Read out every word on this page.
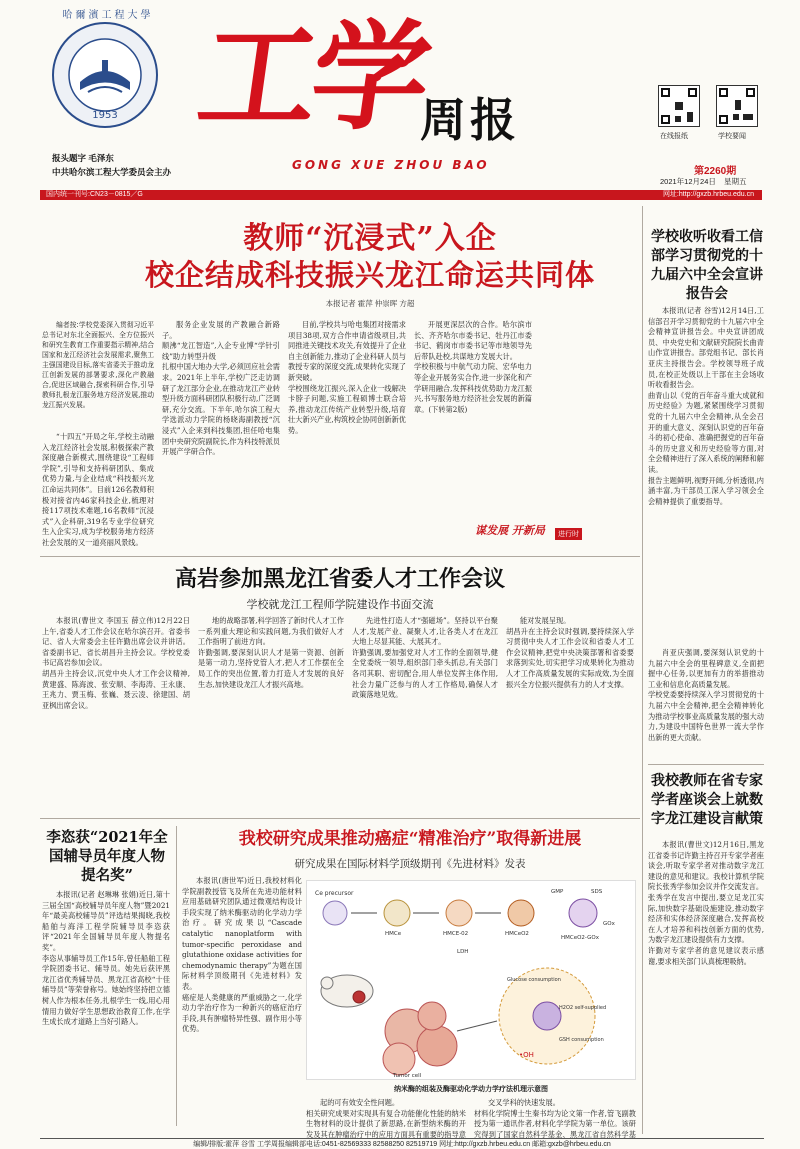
1953
哈爾濱工程大學 工学
周报
GONG XUE ZHOU BAO
报头题字 毛泽东
中共哈尔滨工程大学委员会主办
在线报纸	学校要闻
第2260期
2021年12月24日 星期五
国内统一刊号:CN23－0815／G	网址:http://gxzb.hrbeu.edu.cn
教师“沉浸式”入企
校企结成科技振兴龙江命运共同体
本报记者 霍萍 仲崇晖 方超
编者按:学校党委深入贯彻习近平总书记对东北全面振兴、全方位振兴和研究生教育工作重要指示精神,结合国家和龙江经济社会发展需求,聚焦工主强国建设目标,落实省委关于推动龙江创新发展的部署要求,深化产教融合,促进区域融合,探索科研合作,引导教师扎根龙江服务地方经济发展,推动龙江振兴发展。
“十四五”开局之年,学校主动融入龙江经济社会发展,积极探索产教深度融合新模式,围绕建设“工程师学院”,引导和支持科研团队、集成优势力量,与企业结成“科技振兴龙江命运共同体”。目前126名教师积极对接省内46家科技企业,梳理对接117项技术难题,16名教师“沉浸式”入企科研,319名专业学位研究生入企实习,成为学校服务地方经济社会发展的又一道亮丽风景线。
服务企业发展的产教融合新路子。
顺沸“龙江智造”,入企专业博“学针引线”助力转型升级
扎根中国大地办大学,必须回应社会需求。2021年上半年,学校广泛走访调研了龙江部分企业,在推动龙江产业转型升级方面科研团队积极行动,广泛调研,充分交流。下半年,哈尔滨工程大学选派动力学院的杨晓海副教授“沉浸式”入企来到科技集团,担任哈电集团中央研究院副院长,作为科技特派员开展产学研合作。
目前,学校共与哈电集团对接需求项目38项,双方合作申请省级项目,共同推进关键技术攻关,有效提升了企业自主创新能力,推动了企业科研人员与教授专家的深度交流,成果转化实现了新突破。
学校围绕龙江振兴,深入企业一线解决卡脖子问题,实施工程硕博士联合培养,推动龙江传统产业转型升级,培育壮大新兴产业,构筑校企协同创新新优势。
开展更深层次的合作。哈尔滨市长、齐齐哈尔市委书记、牡丹江市委书记、鹤岗市市委书记等市地领导先后带队赴校,共谋地方发展大计。
学校积极与中航气动力院、宏华电力等企业开展务实合作,进一步深化和产学研用融合,发挥科技优势助力龙江振兴,书写服务地方经济社会发展的新篇章。(下转第2版)
谋发展 开新局	进行时
高岩参加黑龙江省委人才工作会议
学校就龙江工程师学院建设作书面交流
本报讯(曹世文 李国玉 薛立伟)12月22日上午,省委人才工作会议在哈尔滨召开。省委书记、省人大常委会主任许勤出席会议并讲话。省委副书记、省长胡昌升主持会议。学校党委书记高岩参加会议。
胡昌升主持会议,沉党中央人才工作会议精神,黄建盛、陈海波、张安顺、李海涛、王永康、王兆力、贾玉梅、张巍、聂云凌、徐建国、胡亚枫出席会议。
地的战略部署,科学回答了新时代人才工作一系列重大理论和实践问题,为我们做好人才工作指明了前进方向。
许勤强调,要深刻认识人才是第一资源、创新是第一动力,坚持党管人才,把人才工作摆在全局工作的突出位置,着力打造人才发展的良好生态,加快建设龙江人才振兴高地。
先进性打造人才“强磁场”。坚持以平台聚人才,发展产业、凝聚人才,让各类人才在龙江大地上尽显其能、大展其才。
许勤强调,要加强党对人才工作的全面领导,健全党委统一领导,组织部门牵头抓总,有关部门各司其职、密切配合,用人单位发挥主体作用,社会力量广泛参与的人才工作格局,确保人才政策落地见效。
能对发展呈现。
胡昌升在主持会议时强调,要持续深入学习贯彻中央人才工作会议和省委人才工作会议精神,把党中央决策部署和省委要求落到实处,切实把学习成果转化为推动人才工作高质量发展的实际成效,为全面振兴全方位振兴提供有力的人才支撑。
李恣获“2021年全国辅导员年度人物提名奖”
本报讯(记者 赵琳琳 张娟)近日,第十三届全国“高校辅导员年度人物”暨2021年“最美高校辅导员”评选结果揭晓,我校船舶与海洋工程学院辅导员李恣获评“2021年全国辅导员年度人物提名奖”。
李恣从事辅导员工作15年,曾任船舶工程学院团委书记、辅导员。她先后获评黑龙江省优秀辅导员、黑龙江省高校“十佳辅导员”等荣誉称号。她始终坚持把立德树人作为根本任务,扎根学生一线,用心用情用力做好学生思想政治教育工作,在学生成长成才道路上当好引路人。
我校研究成果推动癌症“精准治疗”取得新进展
研究成果在国际材料学顶级期刊《先进材料》发表
本报讯(唐世军)近日,我校材料化学院副教授管飞及所在先进功能材料应用基础研究团队通过微观结构设计手段实现了纳米酶驱动的化学动力学治疗。研究成果以“Cascade catalytic nanoplatform with tumor-specific peroxidase and glutathione oxidase activities for chemodynamic therapy”为题在国际材料学顶级期刊《先进材料》发表。
癌症是人类健康的严重威胁之一,化学动力学治疗作为一种新兴的癌症治疗手段,具有肿瘤特异性强、副作用小等优势。
Ce precursor
HMCe	HMCE-02	HMCeO2
GMP	SDS
GOx
HMCeO2-GOx
LDH
Tumor cell
Glucose consumption
H2O2 self-supplied
GSH consumption
•OH
纳米酶的组装及酶驱动化学动力学疗法机理示意图
起的可有效安全性问题。
相关研究成果对实现具有复合功能催化性能的纳米生物材料的设计提供了新思路,在新型纳米酶的开发及其在肿瘤治疗中的应用方面具有重要的指导意
交叉学科的快速发展。
材料化学院博士生秦书均为论文第一作者,管飞副教授为第一通讯作者,材料化学学院为第一单位。该研究得到了国家自然科学基金、黑龙江省自然科学基
学校收听收看工信部学习贯彻党的十九届六中全会宣讲报告会
本报讯(记者 谷雪)12月14日,工信部召开学习贯彻党的十九届六中全会精神宣讲报告会。中央宣讲团成员、中央党史和文献研究院院长曲青山作宣讲报告。部党组书记、部长肖亚庆主持报告会。学校领导班子成员,在校正处级以上干部在主会场收听收看报告会。
曲青山以《党的百年奋斗重大成就和历史经验》为题,紧紧围绕学习贯彻党的十九届六中全会精神,从全会召开的重大意义、深刻认识党的百年奋斗的初心使命、准确把握党的百年奋斗的历史意义和历史经验等方面,对全会精神进行了深入系统的阐释和解读。
报告主题鲜明,视野开阔,分析透彻,内涵丰富,为干部员工深入学习领会全会精神提供了重要指导。
肖亚庆强调,要深刻认识党的十九届六中全会的里程碑意义,全面把握中心任务,以更加有力的举措推动工业和信息化高质量发展。
学校党委要持续深入学习贯彻党的十九届六中全会精神,把全会精神转化为推动学校事业高质量发展的强大动力,为建设中国特色世界一流大学作出新的更大贡献。
我校教师在省专家学者座谈会上就数字龙江建设言献策
本报讯(曹世文)12月16日,黑龙江省委书记许勤主持召开专家学者座谈会,听取专家学者对推动数字龙江建设的意见和建议。我校计算机学院院长张秀学参加会议并作交流发言。
张秀学在发言中提出,要立足龙江实际,加快数字基础设施建设,推动数字经济和实体经济深度融合,发挥高校在人才培养和科技创新方面的优势,为数字龙江建设提供有力支撑。
许勤对专家学者的意见建议表示感谢,要求相关部门认真梳理吸纳。
编辑/排版:霍萍 谷雪 工学周报编辑部电话:0451-82569333 82588250 82519719 网址:http://gxzb.hrbeu.edu.cn 邮箱:gxzb@hrbeu.edu.cn
